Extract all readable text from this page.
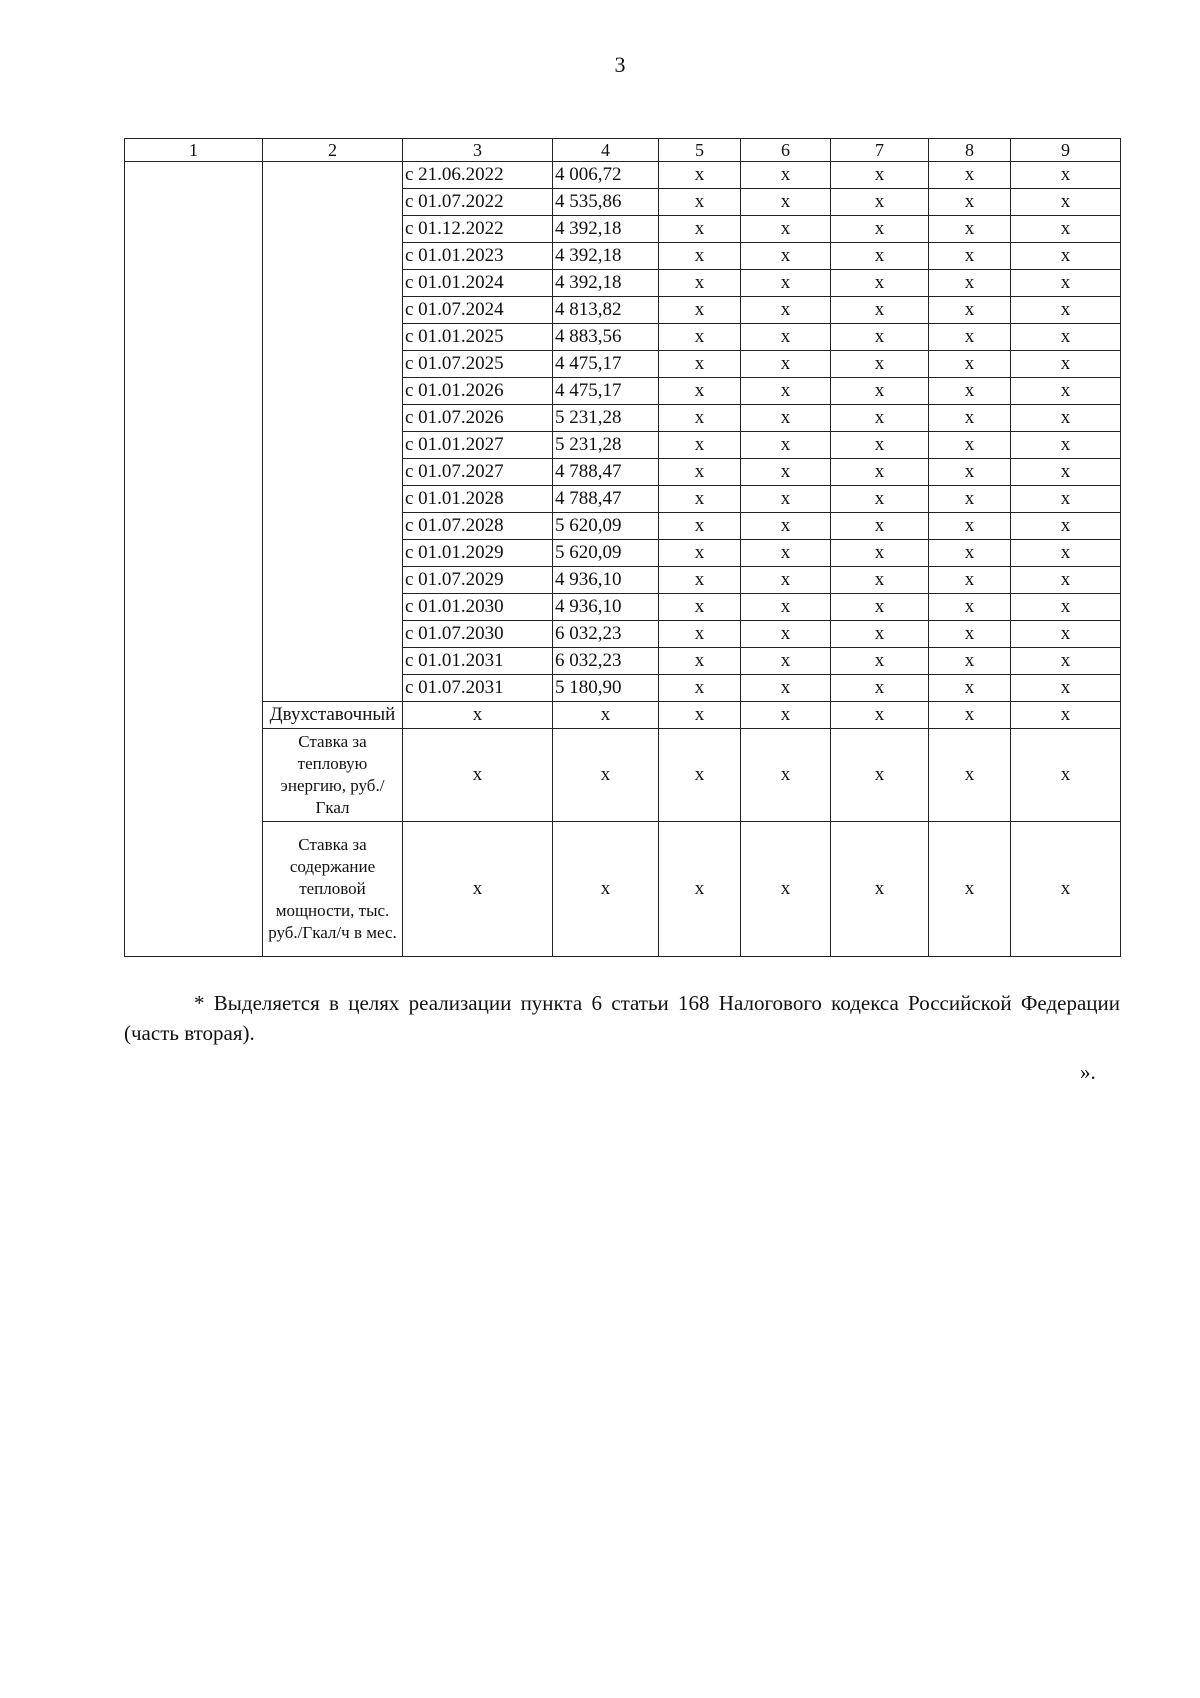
3
1	2	3	4	5	6	7	8	9
		с 21.06.2022	4 006,72	x	x	x	x	x
		с 01.07.2022	4 535,86	x	x	x	x	x
		с 01.12.2022	4 392,18	x	x	x	x	x
		с 01.01.2023	4 392,18	x	x	x	x	x
		с 01.01.2024	4 392,18	x	x	x	x	x
		с 01.07.2024	4 813,82	x	x	x	x	x
		с 01.01.2025	4 883,56	x	x	x	x	x
		с 01.07.2025	4 475,17	x	x	x	x	x
		с 01.01.2026	4 475,17	x	x	x	x	x
		с 01.07.2026	5 231,28	x	x	x	x	x
		с 01.01.2027	5 231,28	x	x	x	x	x
		с 01.07.2027	4 788,47	x	x	x	x	x
		с 01.01.2028	4 788,47	x	x	x	x	x
		с 01.07.2028	5 620,09	x	x	x	x	x
		с 01.01.2029	5 620,09	x	x	x	x	x
		с 01.07.2029	4 936,10	x	x	x	x	x
		с 01.01.2030	4 936,10	x	x	x	x	x
		с 01.07.2030	6 032,23	x	x	x	x	x
		с 01.01.2031	6 032,23	x	x	x	x	x
		с 01.07.2031	5 180,90	x	x	x	x	x
	Двухставочный	x	x	x	x	x	x	x
	Ставка за тепловую энергию, руб./Гкал	x	x	x	x	x	x	x
	Ставка за содержание тепловой мощности, тыс. руб./Гкал/ч в мес.	x	x	x	x	x	x	x
* Выделяется в целях реализации пункта 6 статьи 168 Налогового кодекса Российской Федерации (часть вторая).
».
